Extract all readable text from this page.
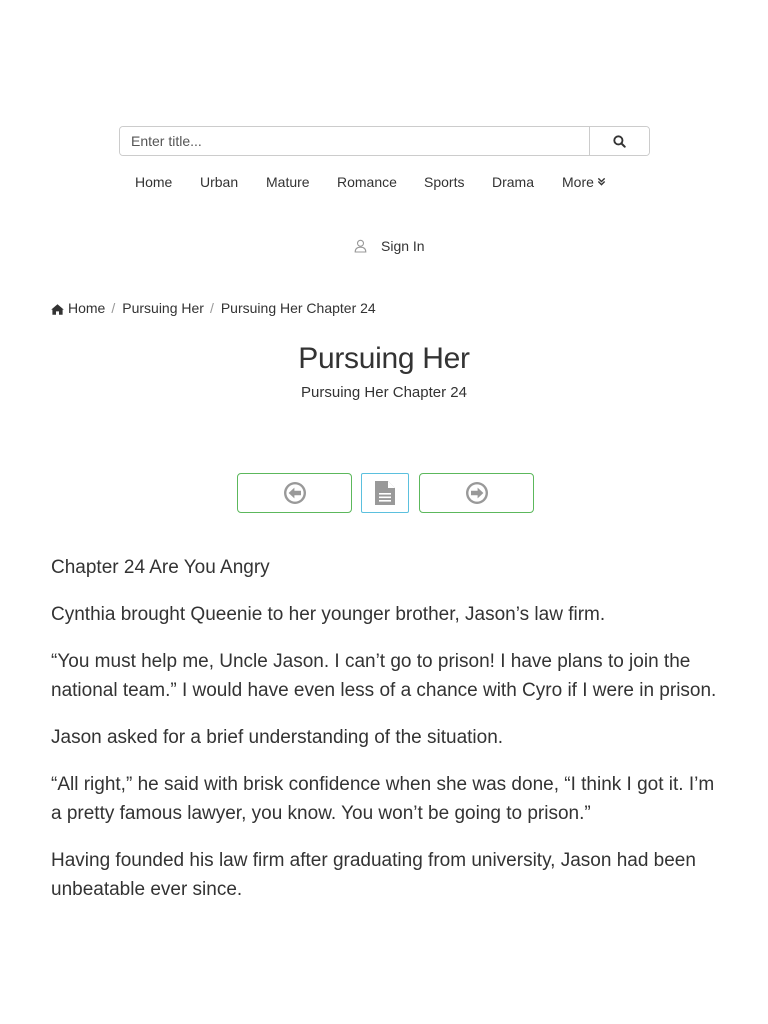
Enter title...
Home Urban Mature Romance Sports Drama More
Sign In
Home / Pursuing Her / Pursuing Her Chapter 24
Pursuing Her
Pursuing Her Chapter 24

Chapter 24 Are You Angry

Cynthia brought Queenie to her younger brother, Jason’s law firm.

“You must help me, Uncle Jason. I can’t go to prison! I have plans to join the national team.” I would have even less of a chance with Cyro if I were in prison.

Jason asked for a brief understanding of the situation.

“All right,” he said with brisk confidence when she was done, “I think I got it. I’m a pretty famous lawyer, you know. You won’t be going to prison.”

Having founded his law firm after graduating from university, Jason had been unbeatable ever since.
